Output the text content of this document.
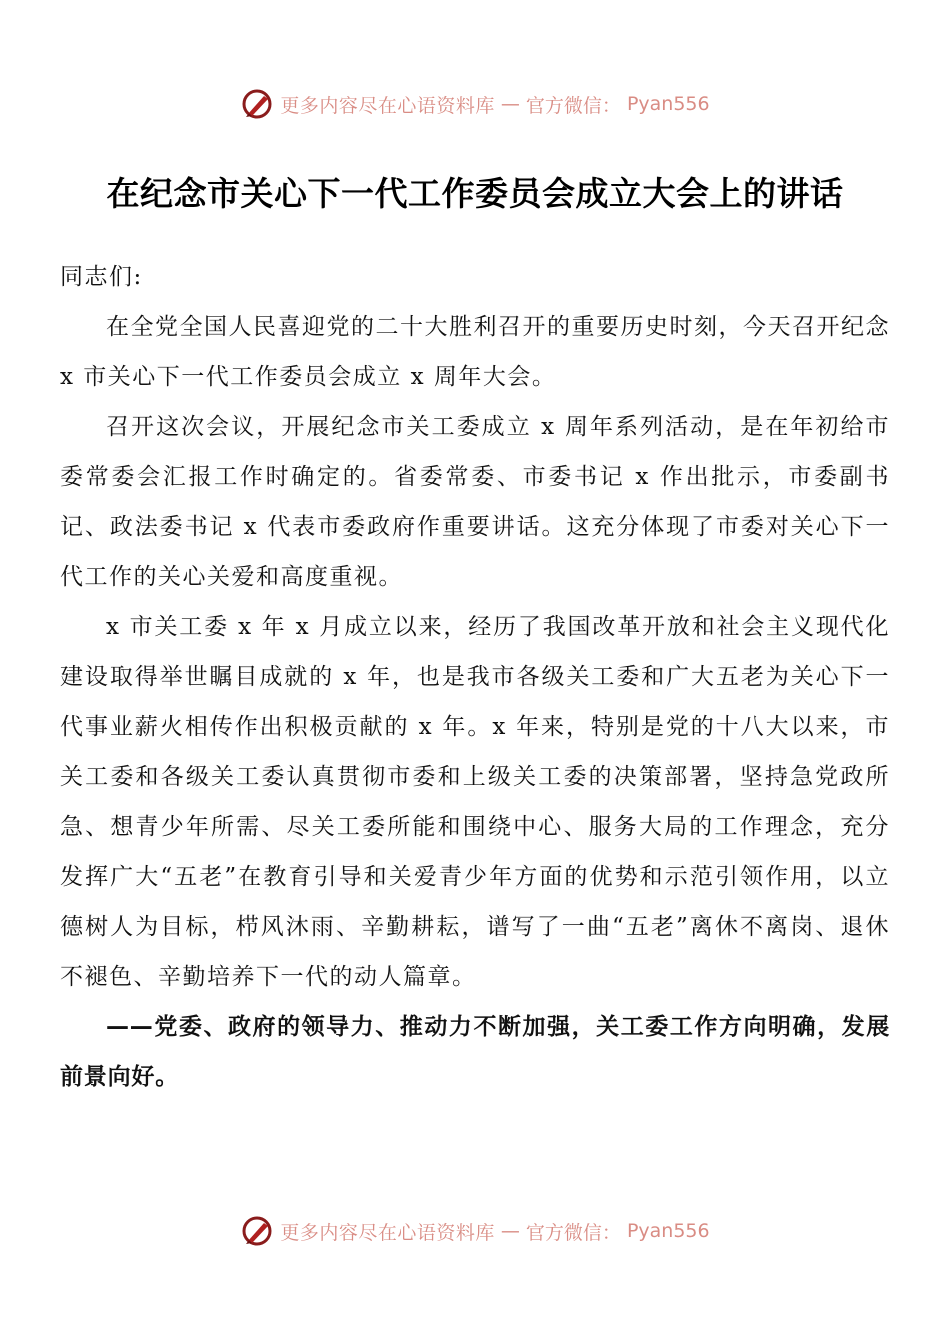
更多内容尽在心语资料库 — 官方微信： Pyan556
在纪念市关心下一代工作委员会成立大会上的讲话

同志们:

在全党全国人民喜迎党的二十大胜利召开的重要历史时刻，今天召开纪念 x 市关心下一代工作委员会成立 x 周年大会。

召开这次会议，开展纪念市关工委成立 x 周年系列活动，是在年初给市委常委会汇报工作时确定的。省委常委、市委书记 x 作出批示，市委副书记、政法委书记 x 代表市委政府作重要讲话。这充分体现了市委对关心下一代工作的关心关爱和高度重视。

x 市关工委 x 年 x 月成立以来，经历了我国改革开放和社会主义现代化建设取得举世瞩目成就的 x 年，也是我市各级关工委和广大五老为关心下一代事业薪火相传作出积极贡献的 x 年。x 年来，特别是党的十八大以来，市关工委和各级关工委认真贯彻市委和上级关工委的决策部署，坚持急党政所急、想青少年所需、尽关工委所能和围绕中心、服务大局的工作理念，充分发挥广大“五老”在教育引导和关爱青少年方面的优势和示范引领作用，以立德树人为目标，栉风沐雨、辛勤耕耘，谱写了一曲“五老”离休不离岗、退休不褪色、辛勤培养下一代的动人篇章。

——党委、政府的领导力、推动力不断加强，关工委工作方向明确，发展前景向好。

更多内容尽在心语资料库 — 官方微信： Pyan556
